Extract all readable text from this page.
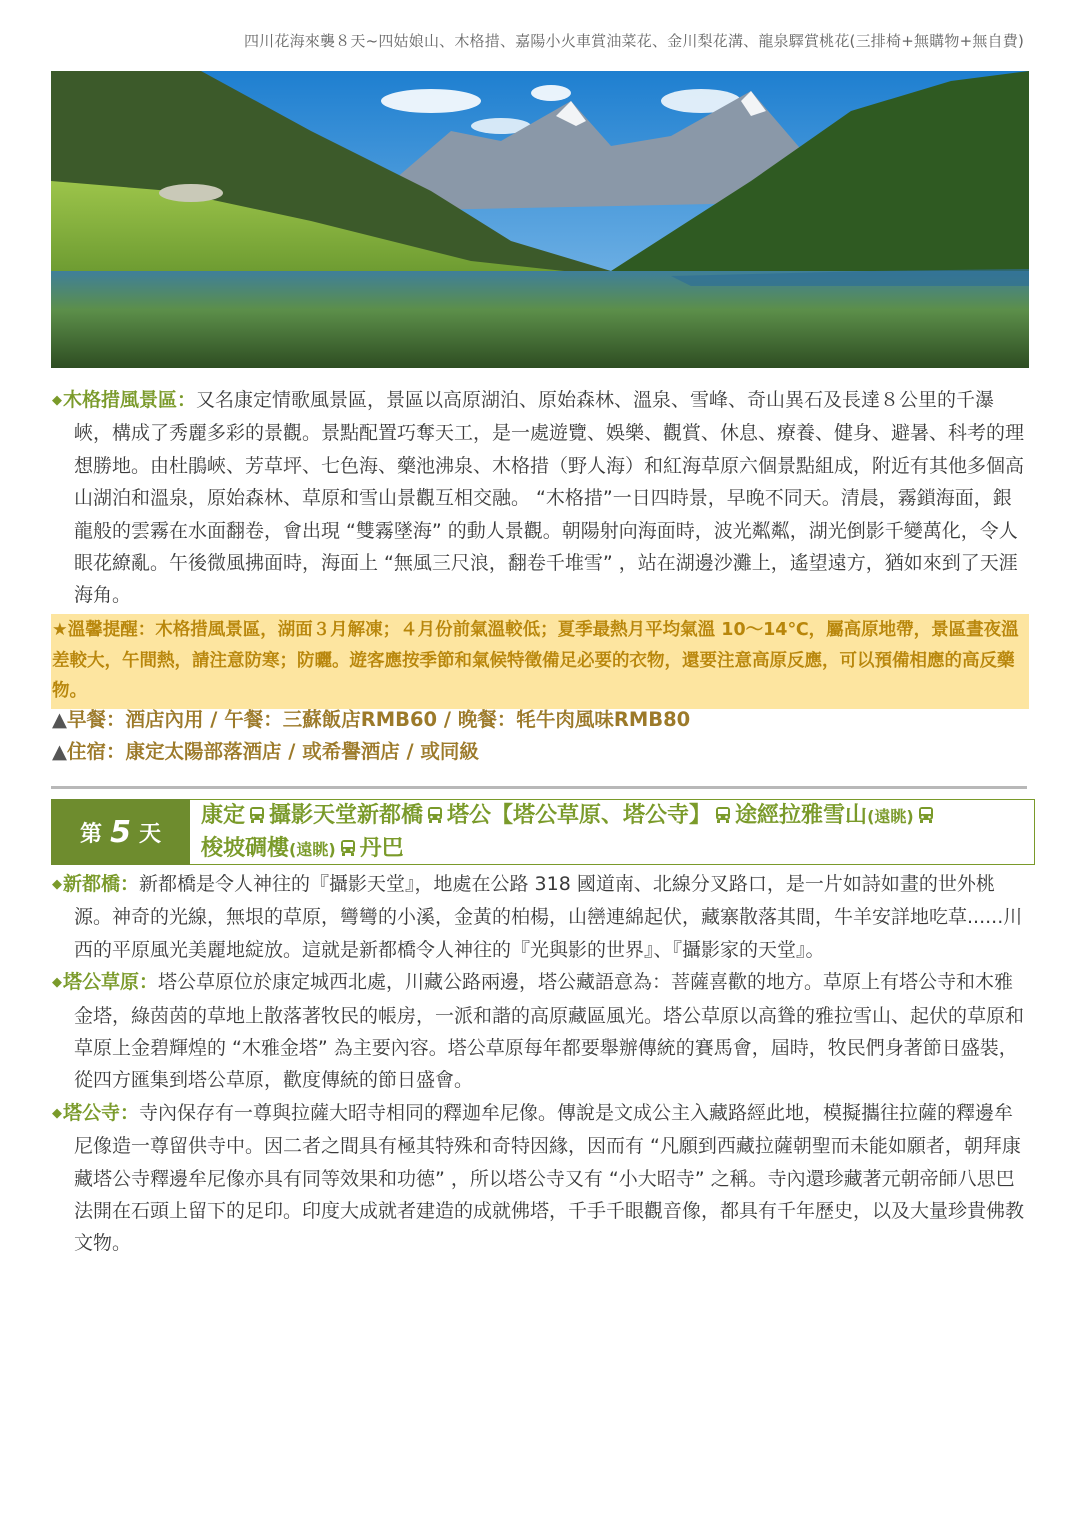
四川花海來襲８天~四姑娘山、木格措、嘉陽小火車賞油菜花、金川梨花溝、龍泉驛賞桃花(三排椅+無購物+無自費)

◆木格措風景區：又名康定情歌風景區，景區以高原湖泊、原始森林、溫泉、雪峰、奇山異石及長達８公里的千瀑峽，構成了秀麗多彩的景觀。景點配置巧奪天工，是一處遊覽、娛樂、觀賞、休息、療養、健身、避暑、科考的理想勝地。由杜鵑峽、芳草坪、七色海、藥池沸泉、木格措（野人海）和紅海草原六個景點組成，附近有其他多個高山湖泊和溫泉，原始森林、草原和雪山景觀互相交融。 “木格措”一日四時景，早晚不同天。清晨，霧鎖海面，銀龍般的雲霧在水面翻卷，會出現 “雙霧墜海” 的動人景觀。朝陽射向海面時，波光粼粼，湖光倒影千變萬化，令人眼花繚亂。午後微風拂面時，海面上 “無風三尺浪，翻卷千堆雪” ，站在湖邊沙灘上，遙望遠方，猶如來到了天涯海角。

★溫馨提醒：木格措風景區，湖面３月解凍；４月份前氣溫較低；夏季最熱月平均氣溫 10～14℃，屬高原地帶，景區晝夜溫差較大，午間熱，請注意防寒；防曬。遊客應按季節和氣候特徵備足必要的衣物，還要注意高原反應，可以預備相應的高反藥物。
▲早餐：酒店內用 / 午餐：三蘇飯店RMB60 / 晚餐：牦牛肉風味RMB80
▲住宿：康定太陽部落酒店 / 或希譽酒店 / 或同級
第 5 天
康定 攝影天堂新都橋 塔公【塔公草原、塔公寺】 途經拉雅雪山(遠眺)
梭坡碉樓(遠眺) 丹巴

◆新都橋：新都橋是令人神往的『攝影天堂』，地處在公路 318 國道南、北線分叉路口，是一片如詩如畫的世外桃源。神奇的光線，無垠的草原，彎彎的小溪，金黃的柏楊，山巒連綿起伏，藏寨散落其間，牛羊安詳地吃草......川西的平原風光美麗地綻放。這就是新都橋令人神往的『光與影的世界』、『攝影家的天堂』。

◆塔公草原：塔公草原位於康定城西北處，川藏公路兩邊，塔公藏語意為：菩薩喜歡的地方。草原上有塔公寺和木雅金塔，綠茵茵的草地上散落著牧民的帳房，一派和諧的高原藏區風光。塔公草原以高聳的雅拉雪山、起伏的草原和草原上金碧輝煌的 “木雅金塔” 為主要內容。塔公草原每年都要舉辦傳統的賽馬會，屆時，牧民們身著節日盛裝，從四方匯集到塔公草原，歡度傳統的節日盛會。

◆塔公寺：寺內保存有一尊與拉薩大昭寺相同的釋迦牟尼像。傳說是文成公主入藏路經此地，模擬攜往拉薩的釋邊牟尼像造一尊留供寺中。因二者之間具有極其特殊和奇特因緣，因而有 “凡願到西藏拉薩朝聖而未能如願者，朝拜康藏塔公寺釋邊牟尼像亦具有同等效果和功德” ，所以塔公寺又有 “小大昭寺” 之稱。寺內還珍藏著元朝帝師八思巴法開在石頭上留下的足印。印度大成就者建造的成就佛塔，千手千眼觀音像，都具有千年歷史，以及大量珍貴佛教文物。
